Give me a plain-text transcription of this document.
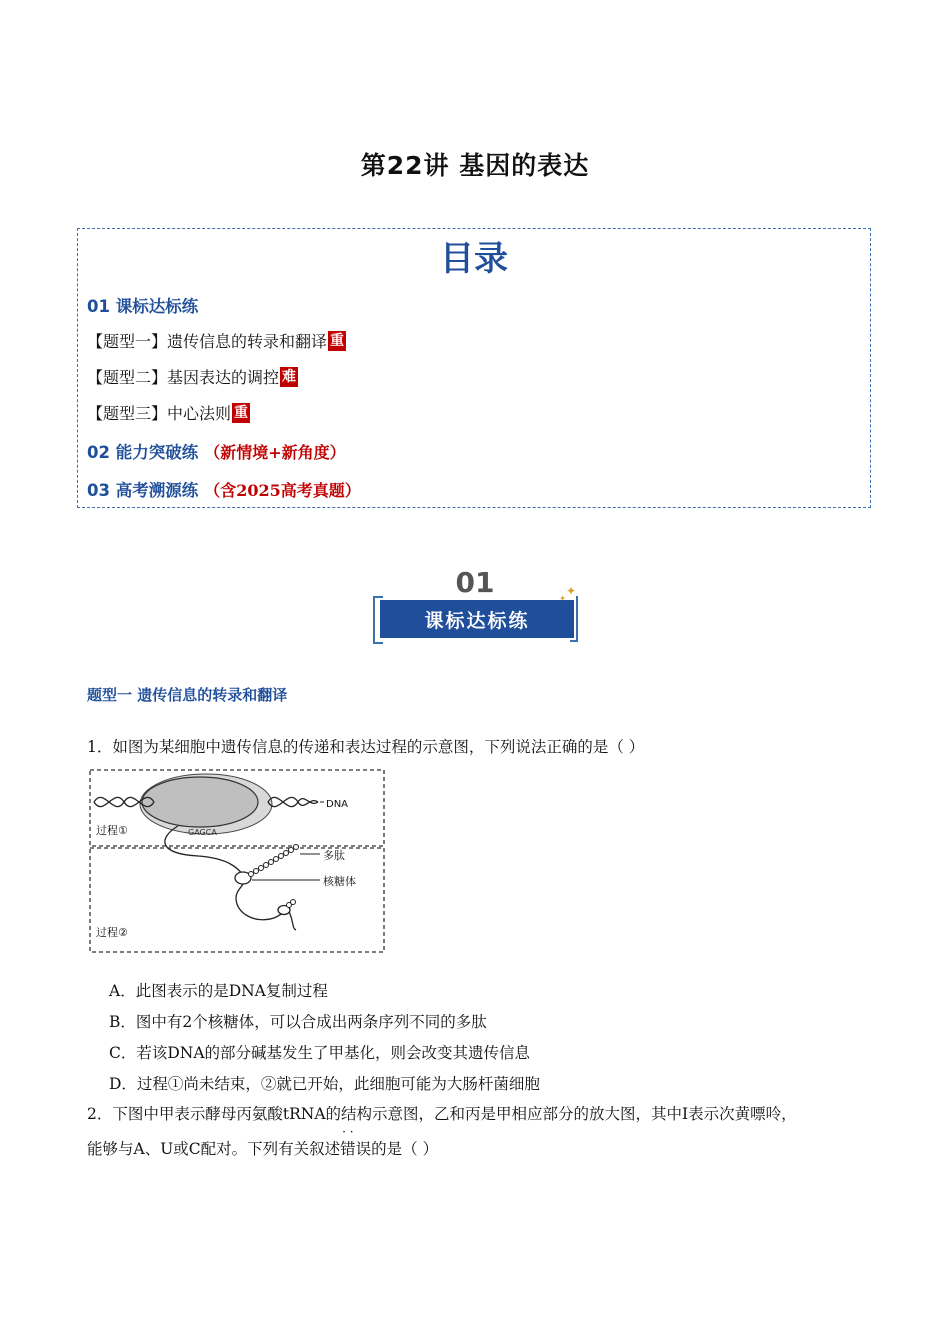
第22讲 基因的表达
目录
01 课标达标练
【题型一】遗传信息的转录和翻译 重
【题型二】基因表达的调控 难
【题型三】中心法则 重
02 能力突破练 （新情境+新角度）
03 高考溯源练 （含2025高考真题）
01
课标达标练
✦
✦
题型一 遗传信息的转录和翻译
1．如图为某细胞中遗传信息的传递和表达过程的示意图，下列说法正确的是（ ）
DNA
GAGCA
过程①
过程②
多肽
核糖体
A．此图表示的是DNA复制过程
B．图中有2个核糖体，可以合成出两条序列不同的多肽
C．若该DNA的部分碱基发生了甲基化，则会改变其遗传信息
D．过程①尚未结束，②就已开始，此细胞可能为大肠杆菌细胞
2．下图中甲表示酵母丙氨酸tRNA的结构示意图，乙和丙是甲相应部分的放大图，其中I表示次黄嘌呤，
能够与A、U或C配对。下列有关叙述· · 错误的是（ ）
